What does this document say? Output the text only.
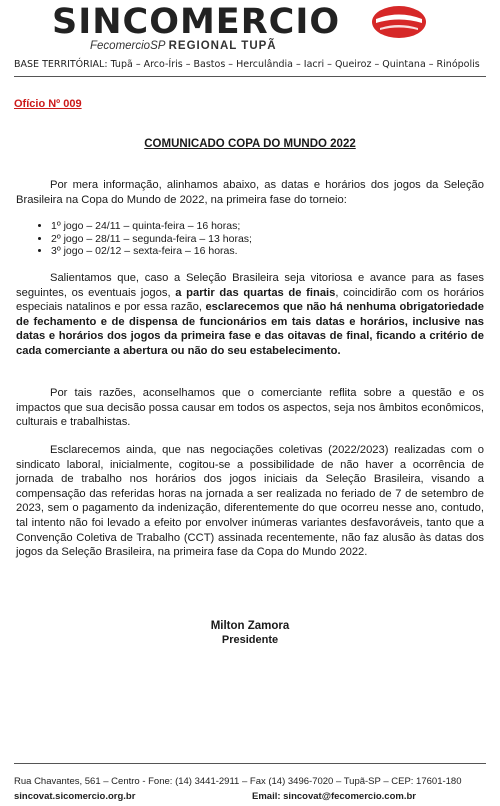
SINCOMERCIO
FecomercioSP REGIONAL TUPÃ
BASE TERRITÓRIAL: Tupã – Arco-Íris – Bastos – Herculândia – Iacri – Queiroz – Quintana – Rinópolis
Ofício Nº 009
COMUNICADO COPA DO MUNDO 2022

Por mera informação, alinhamos abaixo, as datas e horários dos jogos da Seleção Brasileira na Copa do Mundo de 2022, na primeira fase do torneio:

• 1º jogo – 24/11 – quinta-feira – 16 horas;
• 2º jogo – 28/11 – segunda-feira – 13 horas;
• 3º jogo – 02/12 – sexta-feira – 16 horas.

Salientamos que, caso a Seleção Brasileira seja vitoriosa e avance para as fases seguintes, os eventuais jogos, a partir das quartas de finais, coincidirão com os horários especiais natalinos e por essa razão, esclarecemos que não há nenhuma obrigatoriedade de fechamento e de dispensa de funcionários em tais datas e horários, inclusive nas datas e horários dos jogos da primeira fase e das oitavas de final, ficando a critério de cada comerciante a abertura ou não do seu estabelecimento.

Por tais razões, aconselhamos que o comerciante reflita sobre a questão e os impactos que sua decisão possa causar em todos os aspectos, seja nos âmbitos econômicos, culturais e trabalhistas.

Esclarecemos ainda, que nas negociações coletivas (2022/2023) realizadas com o sindicato laboral, inicialmente, cogitou-se a possibilidade de não haver a ocorrência de jornada de trabalho nos horários dos jogos iniciais da Seleção Brasileira, visando a compensação das referidas horas na jornada a ser realizada no feriado de 7 de setembro de 2023, sem o pagamento da indenização, diferentemente do que ocorreu nesse ano, contudo, tal intento não foi levado a efeito por envolver inúmeras variantes desfavoráveis, tanto que a Convenção Coletiva de Trabalho (CCT) assinada recentemente, não faz alusão às datas dos jogos da Seleção Brasileira, na primeira fase da Copa do Mundo 2022.

Milton Zamora
Presidente
Rua Chavantes, 561 – Centro - Fone: (14) 3441-2911 – Fax (14) 3496-7020 – Tupã-SP – CEP: 17601-180
sincovat.sicomercio.org.br	Email: sincovat@fecomercio.com.br
